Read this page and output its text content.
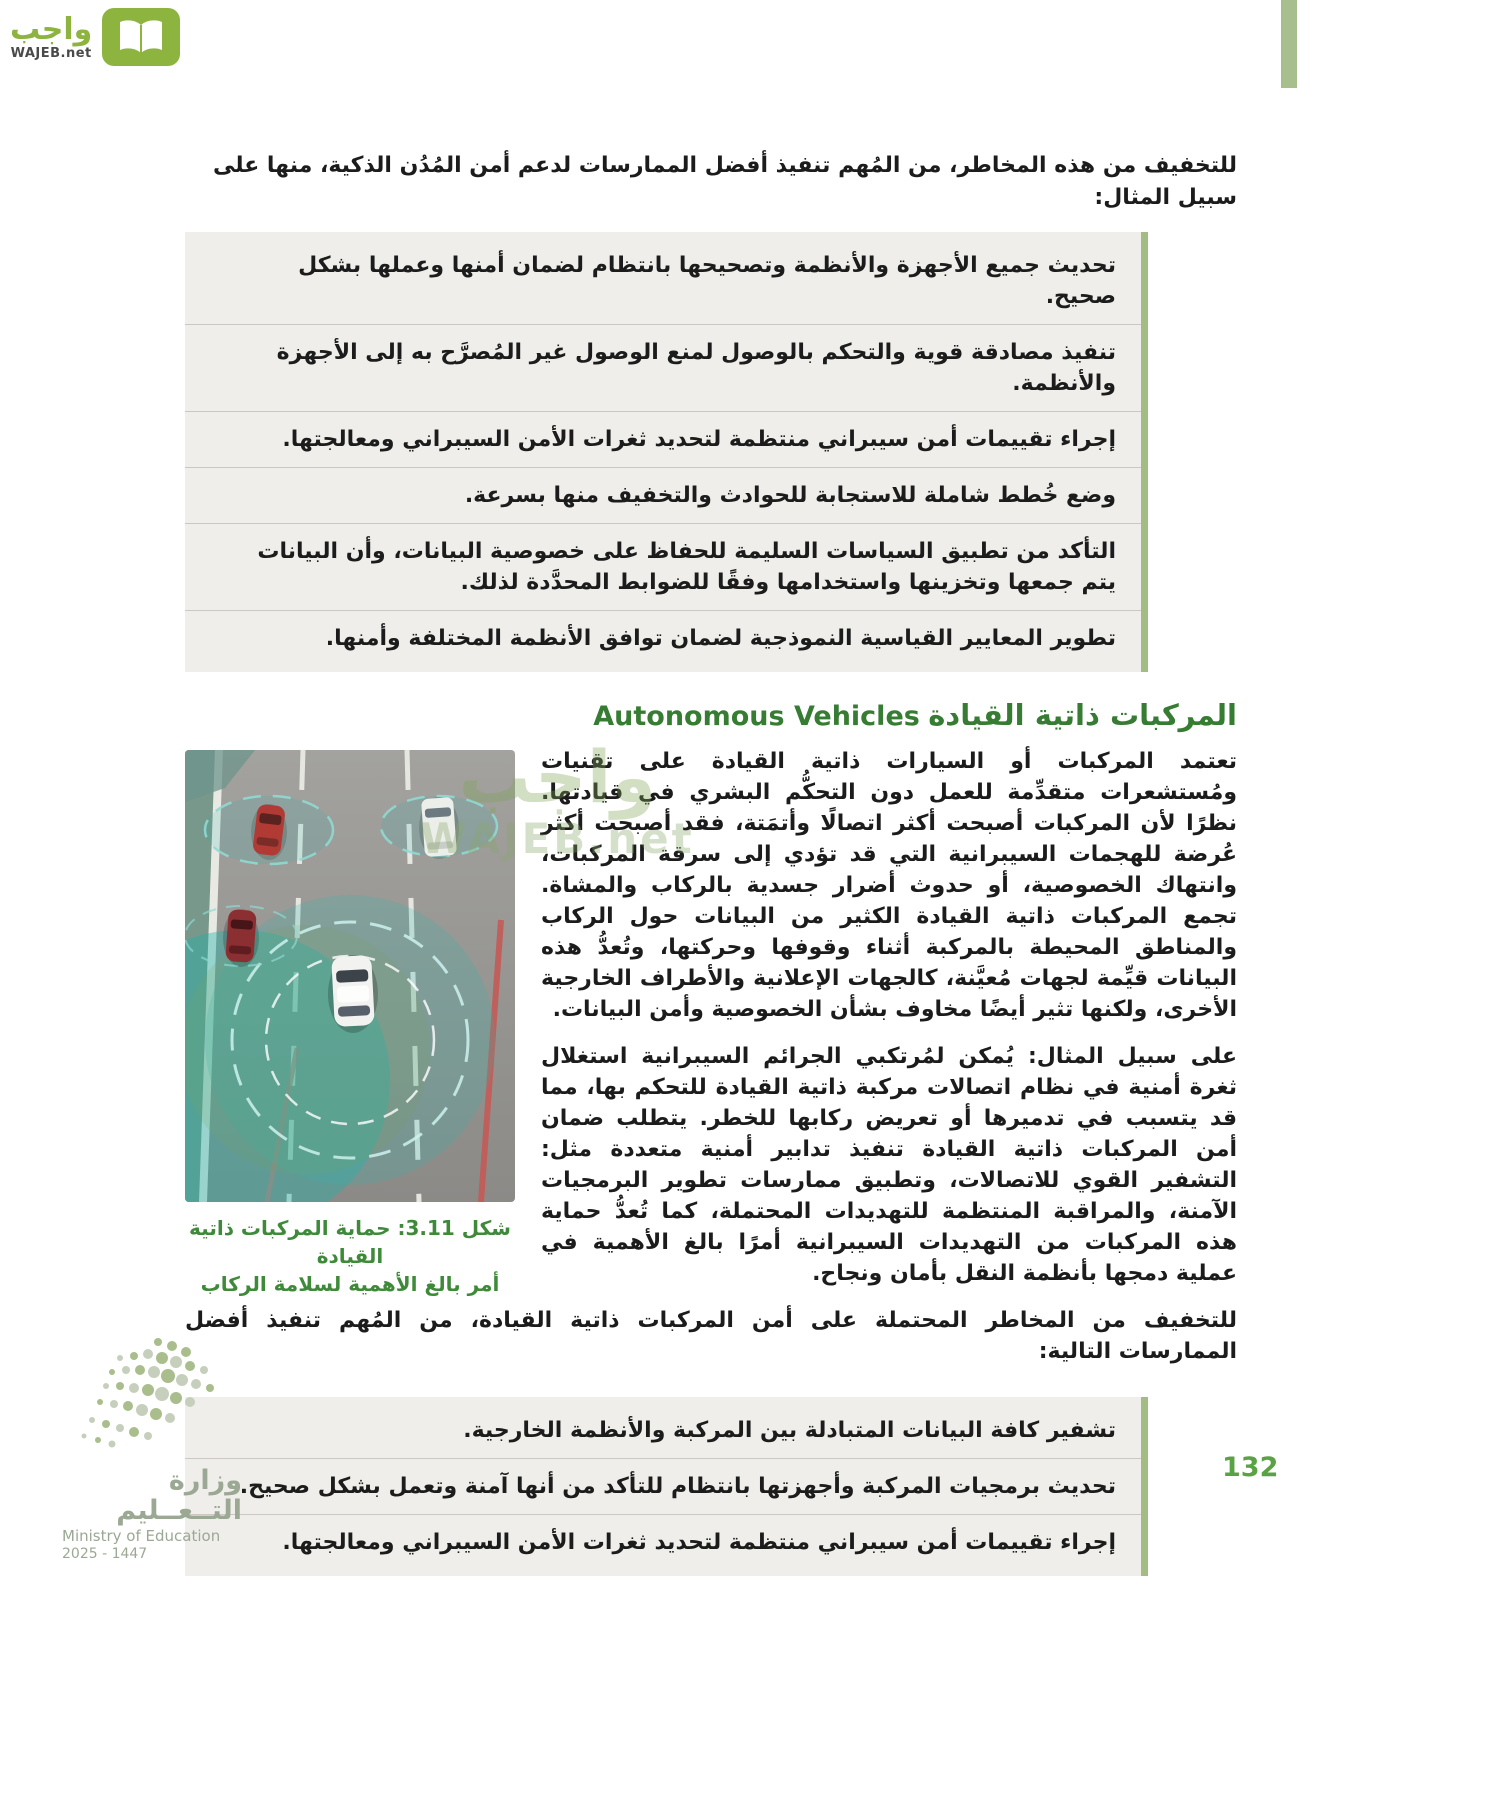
واجب
WAJEB.net

للتخفيف من هذه المخاطر، من المُهم تنفيذ أفضل الممارسات لدعم أمن المُدُن الذكية، منها على سبيل المثال:

تحديث جميع الأجهزة والأنظمة وتصحيحها بانتظام لضمان أمنها وعملها بشكل صحيح.
تنفيذ مصادقة قوية والتحكم بالوصول لمنع الوصول غير المُصرَّح به إلى الأجهزة والأنظمة.
إجراء تقييمات أمن سيبراني منتظمة لتحديد ثغرات الأمن السيبراني ومعالجتها.
وضع خُطط شاملة للاستجابة للحوادث والتخفيف منها بسرعة.
التأكد من تطبيق السياسات السليمة للحفاظ على خصوصية البيانات، وأن البيانات يتم جمعها وتخزينها واستخدامها وفقًا للضوابط المحدَّدة لذلك.
تطوير المعايير القياسية النموذجية لضمان توافق الأنظمة المختلفة وأمنها.
المركبات ذاتية القيادة Autonomous Vehicles
شكل 3.11: حماية المركبات ذاتية القيادة
أمر بالغ الأهمية لسلامة الركاب

تعتمد المركبات أو السيارات ذاتية القيادة على تقنيات ومُستشعرات متقدِّمة للعمل دون التحكُّم البشري في قيادتها. نظرًا لأن المركبات أصبحت أكثر اتصالًا وأتمَتة، فقد أصبحت أكثر عُرضة للهجمات السيبرانية التي قد تؤدي إلى سرقة المركبات، وانتهاك الخصوصية، أو حدوث أضرار جسدية بالركاب والمشاة. تجمع المركبات ذاتية القيادة الكثير من البيانات حول الركاب والمناطق المحيطة بالمركبة أثناء وقوفها وحركتها، وتُعدُّ هذه البيانات قيِّمة لجهات مُعيَّنة، كالجهات الإعلانية والأطراف الخارجية الأخرى، ولكنها تثير أيضًا مخاوف بشأن الخصوصية وأمن البيانات.

على سبيل المثال: يُمكن لمُرتكبي الجرائم السيبرانية استغلال ثغرة أمنية في نظام اتصالات مركبة ذاتية القيادة للتحكم بها، مما قد يتسبب في تدميرها أو تعريض ركابها للخطر. يتطلب ضمان أمن المركبات ذاتية القيادة تنفيذ تدابير أمنية متعددة مثل: التشفير القوي للاتصالات، وتطبيق ممارسات تطوير البرمجيات الآمنة، والمراقبة المنتظمة للتهديدات المحتملة، كما تُعدُّ حماية هذه المركبات من التهديدات السيبرانية أمرًا بالغ الأهمية في عملية دمجها بأنظمة النقل بأمان ونجاح.

للتخفيف من المخاطر المحتملة على أمن المركبات ذاتية القيادة، من المُهم تنفيذ أفضل الممارسات التالية:

تشفير كافة البيانات المتبادلة بين المركبة والأنظمة الخارجية.
تحديث برمجيات المركبة وأجهزتها بانتظام للتأكد من أنها آمنة وتعمل بشكل صحيح.
إجراء تقييمات أمن سيبراني منتظمة لتحديد ثغرات الأمن السيبراني ومعالجتها.
واجب
WAJEB.net
وزارة التــعــليم
Ministry of Education
2025 - 1447
132
